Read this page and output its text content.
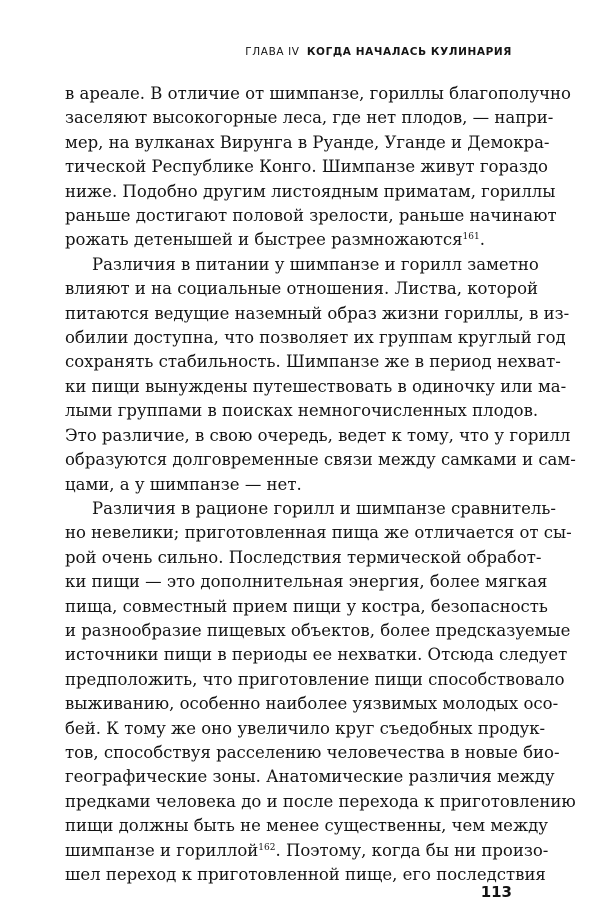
ГЛАВА IV КОГДА НАЧАЛАСЬ КУЛИНАРИЯ
в ареале. В отличие от шимпанзе, гориллы благополучно
заселяют высокогорные леса, где нет плодов, — напри-
мер, на вулканах Вирунга в Руанде, Уганде и Демокра-
тической Республике Конго. Шимпанзе живут гораздо
ниже. Подобно другим листоядным приматам, гориллы
раньше достигают половой зрелости, раньше начинают
рожать детенышей и быстрее размножаются$^{161}$.
Различия в питании у шимпанзе и горилл заметно
влияют и на социальные отношения. Листва, которой
питаются ведущие наземный образ жизни гориллы, в из-
обилии доступна, что позволяет их группам круглый год
сохранять стабильность. Шимпанзе же в период нехват-
ки пищи вынуждены путешествовать в одиночку или ма-
лыми группами в поисках немногочисленных плодов.
Это различие, в свою очередь, ведет к тому, что у горилл
образуются долговременные связи между самками и сам-
цами, а у шимпанзе — нет.
Различия в рационе горилл и шимпанзе сравнитель-
но невелики; приготовленная пища же отличается от сы-
рой очень сильно. Последствия термической обработ-
ки пищи — это дополнительная энергия, более мягкая
пища, совместный прием пищи у костра, безопасность
и разнообразие пищевых объектов, более предсказуемые
источники пищи в периоды ее нехватки. Отсюда следует
предположить, что приготовление пищи способствовало
выживанию, особенно наиболее уязвимых молодых осо-
бей. К тому же оно увеличило круг съедобных продук-
тов, способствуя расселению человечества в новые био-
географические зоны. Анатомические различия между
предками человека до и после перехода к приготовлению
пищи должны быть не менее существенны, чем между
шимпанзе и гориллой$^{162}$. Поэтому, когда бы ни произо-
шел переход к приготовленной пище, его последствия
113
